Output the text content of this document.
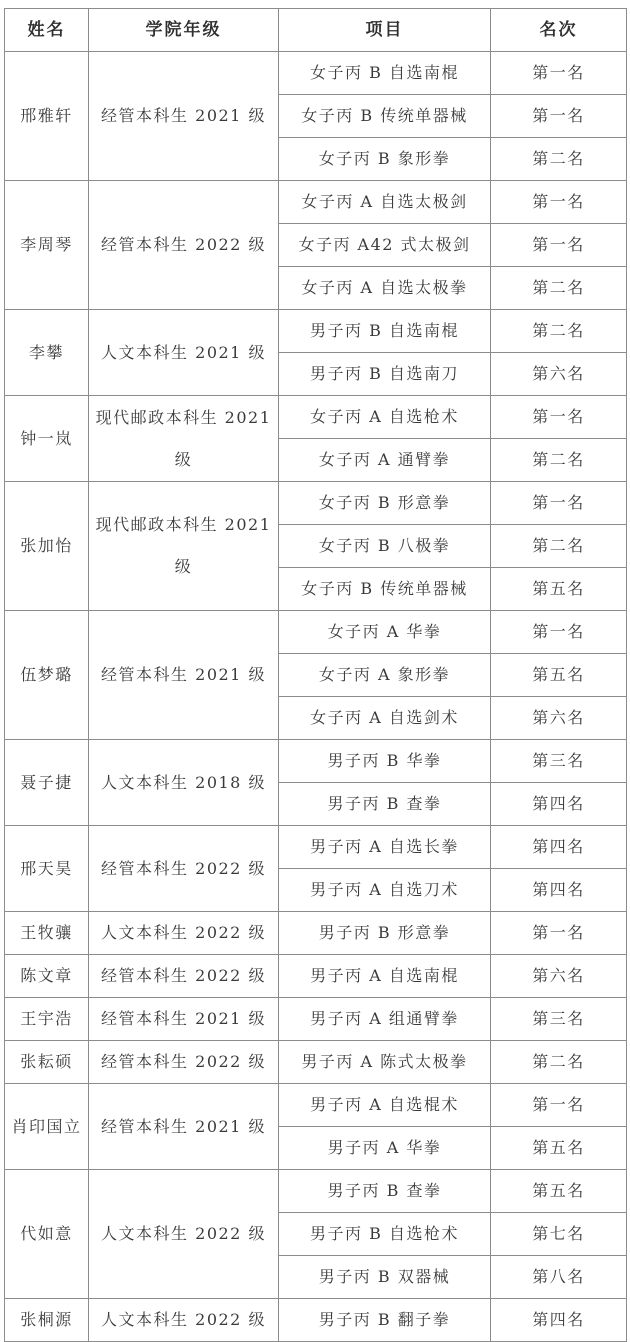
姓名	学院年级	项目	名次
邢雅轩	经管本科生 2021 级	女子丙 B 自选南棍	第一名
		女子丙 B 传统单器械	第一名
		女子丙 B 象形拳	第二名
李周琴	经管本科生 2022 级	女子丙 A 自选太极剑	第一名
		女子丙 A42 式太极剑	第一名
		女子丙 A 自选太极拳	第二名
李攀	人文本科生 2021 级	男子丙 B 自选南棍	第二名
		男子丙 B 自选南刀	第六名
钟一岚	现代邮政本科生 2021 级	女子丙 A 自选枪术	第一名
		女子丙 A 通臂拳	第二名
张加怡	现代邮政本科生 2021 级	女子丙 B 形意拳	第一名
		女子丙 B 八极拳	第二名
		女子丙 B 传统单器械	第五名
伍梦璐	经管本科生 2021 级	女子丙 A 华拳	第一名
		女子丙 A 象形拳	第五名
		女子丙 A 自选剑术	第六名
聂子捷	人文本科生 2018 级	男子丙 B 华拳	第三名
		男子丙 B 查拳	第四名
邢天昊	经管本科生 2022 级	男子丙 A 自选长拳	第四名
		男子丙 A 自选刀术	第四名
王牧骧	人文本科生 2022 级	男子丙 B 形意拳	第一名
陈文章	经管本科生 2022 级	男子丙 A 自选南棍	第六名
王宇浩	经管本科生 2021 级	男子丙 A 组通臂拳	第三名
张耘硕	经管本科生 2022 级	男子丙 A 陈式太极拳	第二名
肖印国立	经管本科生 2021 级	男子丙 A 自选棍术	第一名
		男子丙 A 华拳	第五名
代如意	人文本科生 2022 级	男子丙 B 查拳	第五名
		男子丙 B 自选枪术	第七名
		男子丙 B 双器械	第八名
张桐源	人文本科生 2022 级	男子丙 B 翻子拳	第四名
